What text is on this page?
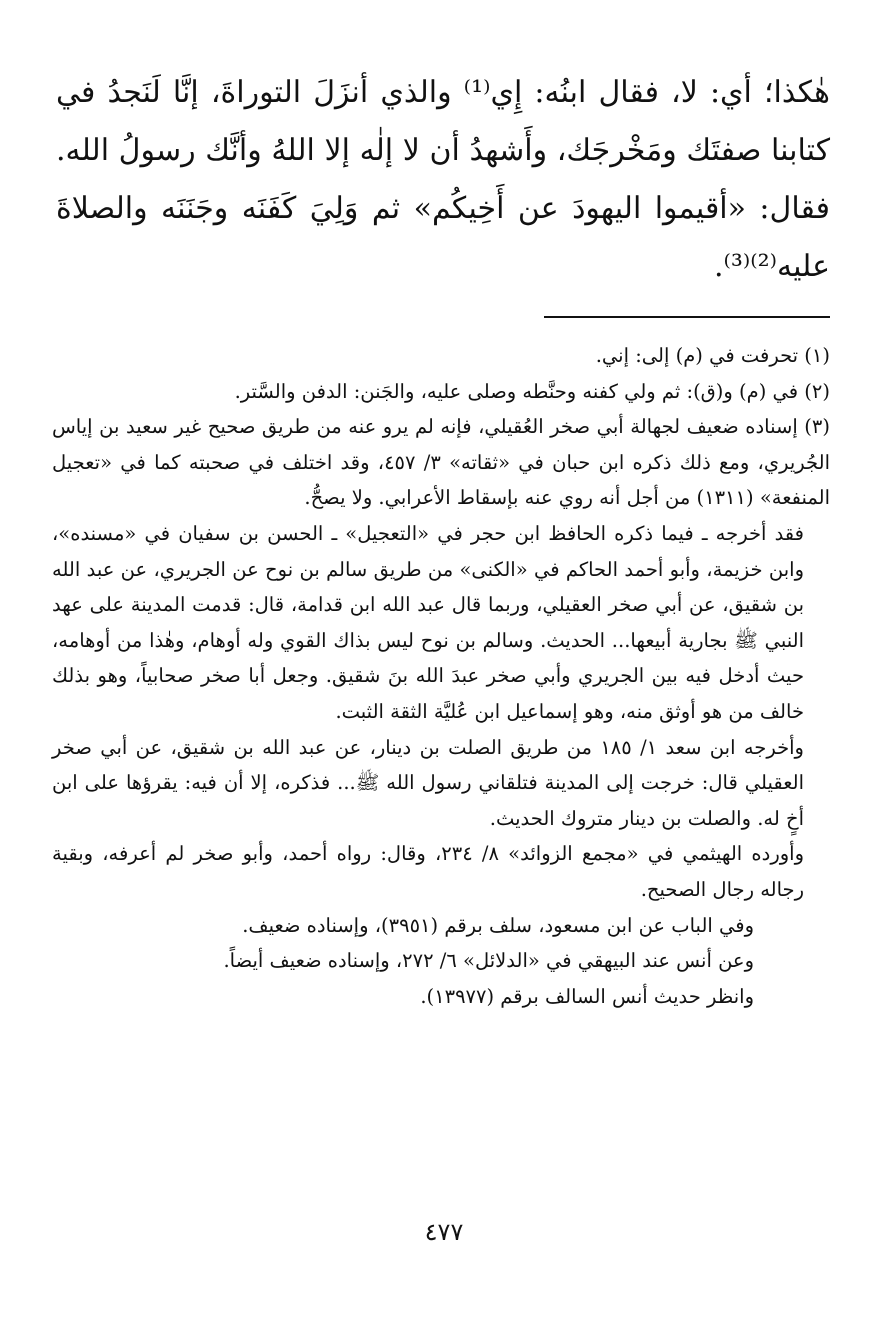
هٰكذا؛ أي: لا، فقال ابنُه: إِي⁽¹⁾ والذي أنزَلَ التوراةَ، إنَّا لَنَجدُ في كتابنا صفتَك ومَخْرجَك، وأَشهدُ أن لا إلٰه إلا اللهُ وأنَّك رسولُ الله. فقال: «أقيموا اليهودَ عن أَخِيكُم» ثم وَلِيَ كَفَنَه وجَنَنَه والصلاةَ عليه⁽²⁾⁽³⁾.

(١) تحرفت في (م) إلى: إني.

(٢) في (م) و(ق): ثم ولي كفنه وحنَّطه وصلى عليه، والجَنن: الدفن والسَّتر.

(٣) إسناده ضعيف لجهالة أبي صخر العُقيلي، فإنه لم يرو عنه من طريق صحيح غير سعيد بن إياس الجُريري، ومع ذلك ذكره ابن حبان في «ثقاته» ٣/ ٤٥٧، وقد اختلف في صحبته كما في «تعجيل المنفعة» (١٣١١) من أجل أنه روي عنه بإسقاط الأعرابي. ولا يصحُّ.

فقد أخرجه ـ فيما ذكره الحافظ ابن حجر في «التعجيل» ـ الحسن بن سفيان في «مسنده»، وابن خزيمة، وأبو أحمد الحاكم في «الكنى» من طريق سالم بن نوح عن الجريري، عن عبد الله بن شقيق، عن أبي صخر العقيلي، وربما قال عبد الله ابن قدامة، قال: قدمت المدينة على عهد النبي ﷺ بجارية أبيعها... الحديث. وسالم بن نوح ليس بذاك القوي وله أوهام، وهٰذا من أوهامه، حيث أدخل فيه بين الجريري وأبي صخر عبدَ الله بنَ شقيق. وجعل أبا صخر صحابياً، وهو بذلك خالف من هو أوثق منه، وهو إسماعيل ابن عُليَّة الثقة الثبت.

وأخرجه ابن سعد ١/ ١٨٥ من طريق الصلت بن دينار، عن عبد الله بن شقيق، عن أبي صخر العقيلي قال: خرجت إلى المدينة فتلقاني رسول الله ﷺ... فذكره، إلا أن فيه: يقرؤها على ابن أخٍ له. والصلت بن دينار متروك الحديث.

وأورده الهيثمي في «مجمع الزوائد» ٨/ ٢٣٤، وقال: رواه أحمد، وأبو صخر لم أعرفه، وبقية رجاله رجال الصحيح.

وفي الباب عن ابن مسعود، سلف برقم (٣٩٥١)، وإسناده ضعيف.

وعن أنس عند البيهقي في «الدلائل» ٦/ ٢٧٢، وإسناده ضعيف أيضاً.

وانظر حديث أنس السالف برقم (١٣٩٧٧).

٤٧٧
